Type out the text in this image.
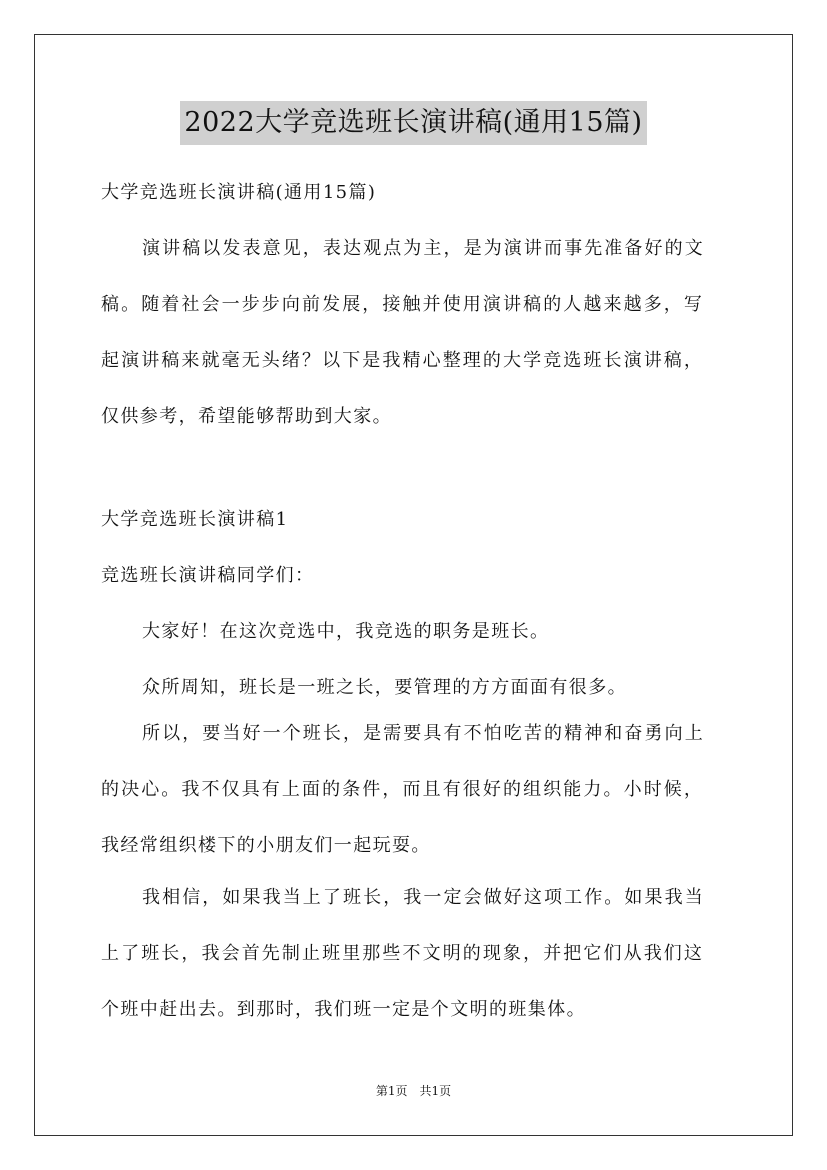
2022大学竞选班长演讲稿(通用15篇)
大学竞选班长演讲稿(通用15篇)
演讲稿以发表意见，表达观点为主，是为演讲而事先准备好的文
稿。随着社会一步步向前发展，接触并使用演讲稿的人越来越多，写
起演讲稿来就毫无头绪？以下是我精心整理的大学竞选班长演讲稿，
仅供参考，希望能够帮助到大家。
大学竞选班长演讲稿1
竞选班长演讲稿同学们：
大家好！在这次竞选中，我竞选的职务是班长。
众所周知，班长是一班之长，要管理的方方面面有很多。
所以，要当好一个班长，是需要具有不怕吃苦的精神和奋勇向上
的决心。我不仅具有上面的条件，而且有很好的组织能力。小时候，
我经常组织楼下的小朋友们一起玩耍。
我相信，如果我当上了班长，我一定会做好这项工作。如果我当
上了班长，我会首先制止班里那些不文明的现象，并把它们从我们这
个班中赶出去。到那时，我们班一定是个文明的班集体。
第1页　共1页
